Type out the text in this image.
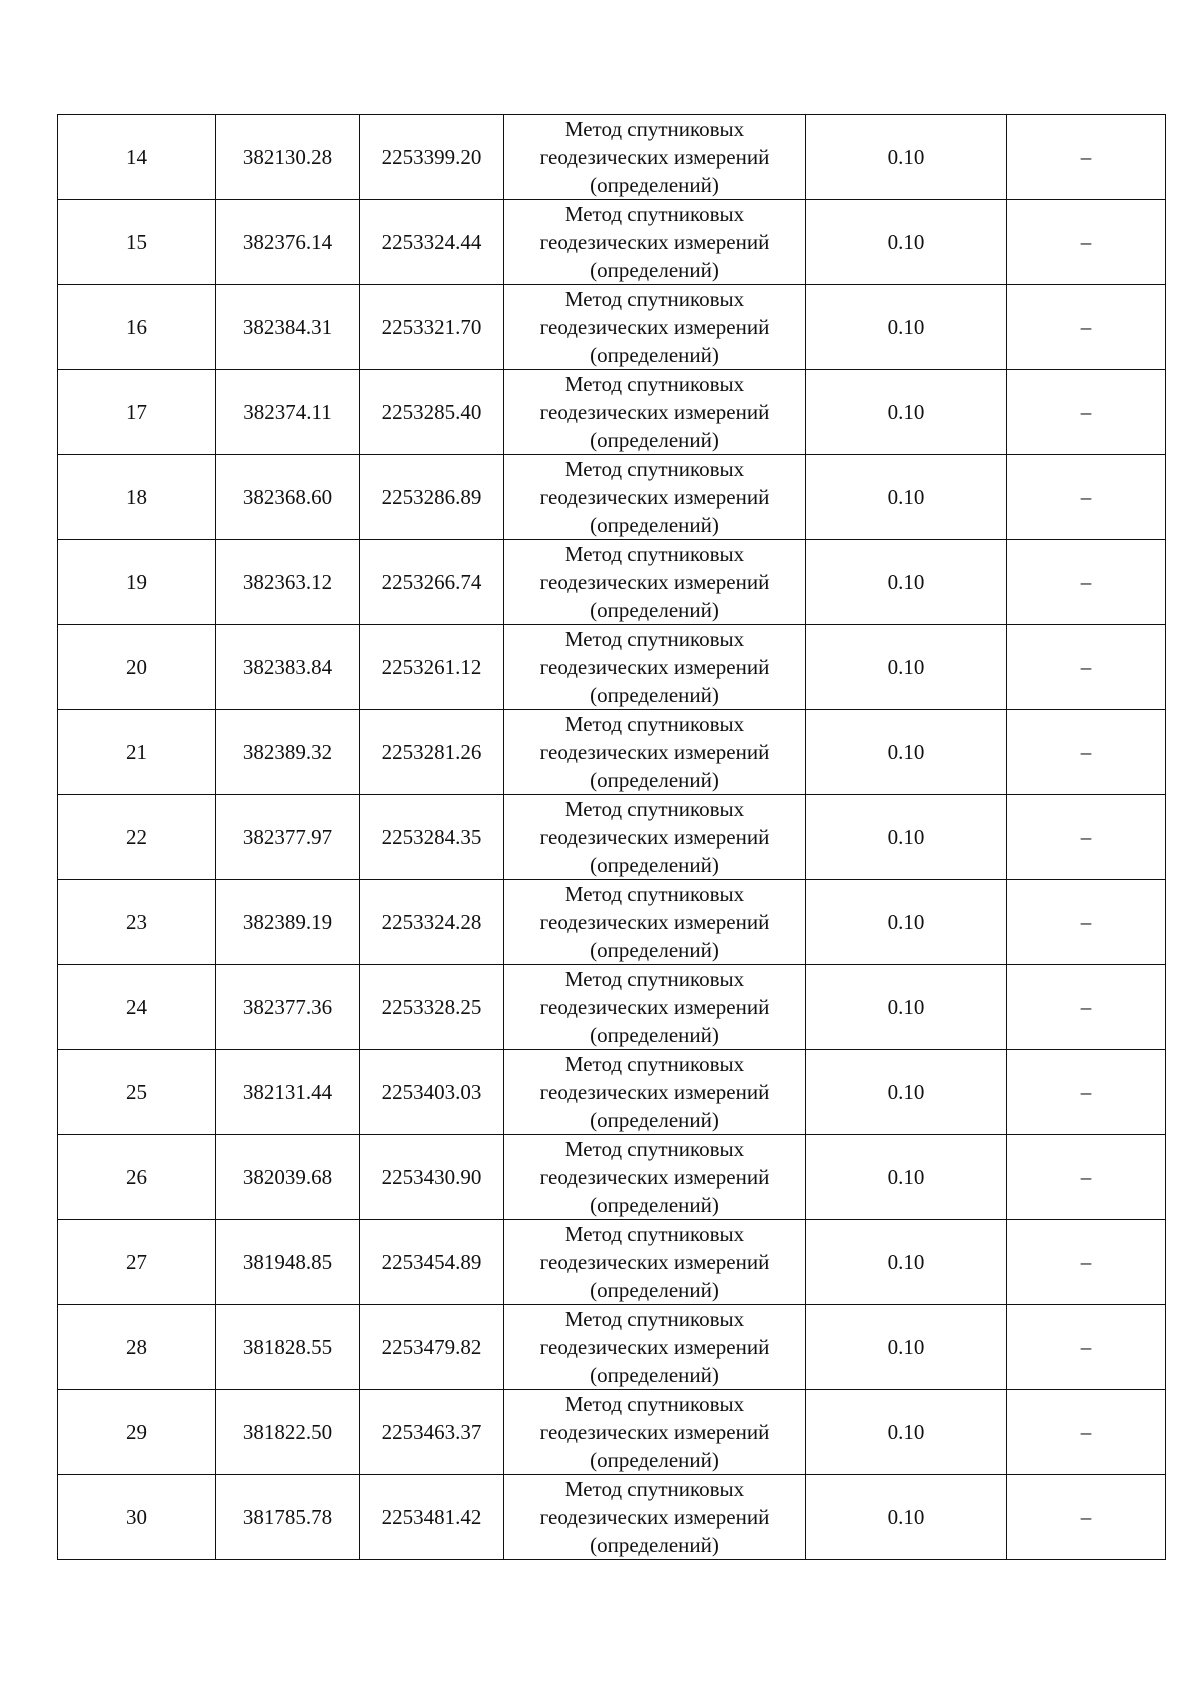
14	382130.28	2253399.20	Метод спутниковых геодезических измерений (определений)	0.10	–
15	382376.14	2253324.44	Метод спутниковых геодезических измерений (определений)	0.10	–
16	382384.31	2253321.70	Метод спутниковых геодезических измерений (определений)	0.10	–
17	382374.11	2253285.40	Метод спутниковых геодезических измерений (определений)	0.10	–
18	382368.60	2253286.89	Метод спутниковых геодезических измерений (определений)	0.10	–
19	382363.12	2253266.74	Метод спутниковых геодезических измерений (определений)	0.10	–
20	382383.84	2253261.12	Метод спутниковых геодезических измерений (определений)	0.10	–
21	382389.32	2253281.26	Метод спутниковых геодезических измерений (определений)	0.10	–
22	382377.97	2253284.35	Метод спутниковых геодезических измерений (определений)	0.10	–
23	382389.19	2253324.28	Метод спутниковых геодезических измерений (определений)	0.10	–
24	382377.36	2253328.25	Метод спутниковых геодезических измерений (определений)	0.10	–
25	382131.44	2253403.03	Метод спутниковых геодезических измерений (определений)	0.10	–
26	382039.68	2253430.90	Метод спутниковых геодезических измерений (определений)	0.10	–
27	381948.85	2253454.89	Метод спутниковых геодезических измерений (определений)	0.10	–
28	381828.55	2253479.82	Метод спутниковых геодезических измерений (определений)	0.10	–
29	381822.50	2253463.37	Метод спутниковых геодезических измерений (определений)	0.10	–
30	381785.78	2253481.42	Метод спутниковых геодезических измерений (определений)	0.10	–
